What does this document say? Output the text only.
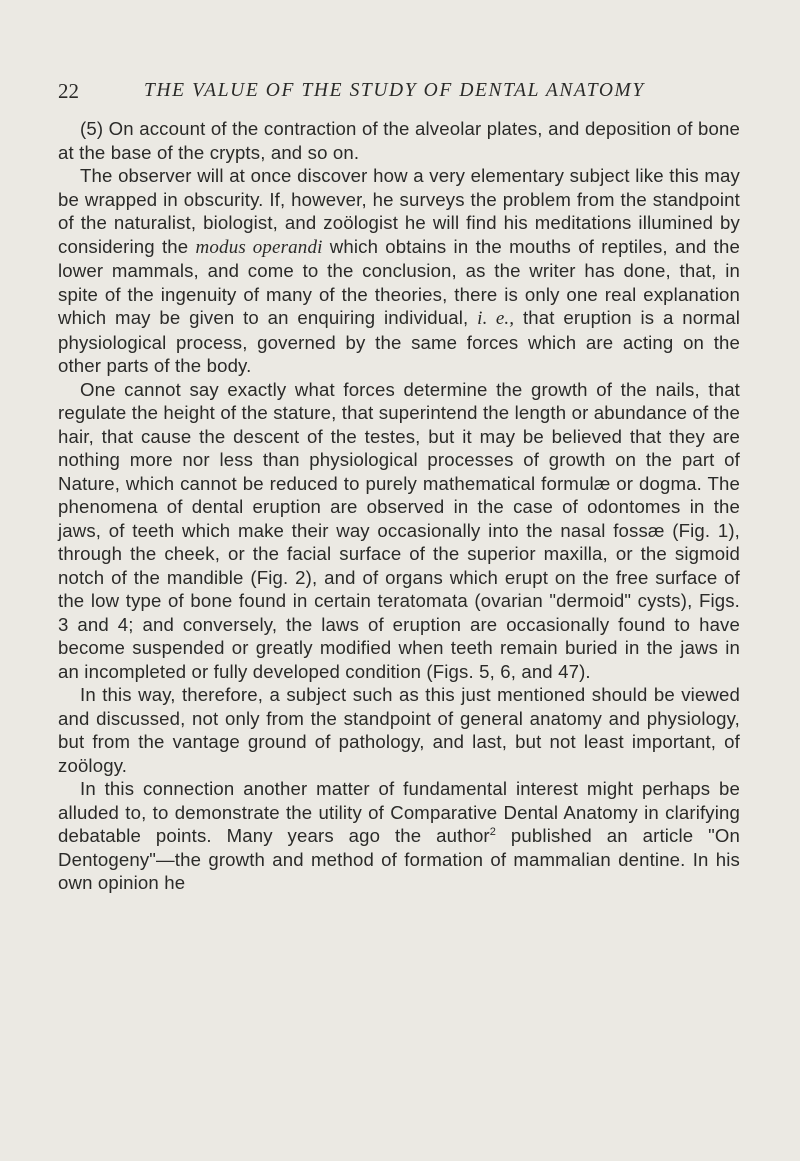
22	THE VALUE OF THE STUDY OF DENTAL ANATOMY

(5) On account of the contraction of the alveolar plates, and deposition of bone at the base of the crypts, and so on.

The observer will at once discover how a very elementary subject like this may be wrapped in obscurity. If, however, he surveys the problem from the standpoint of the naturalist, biologist, and zoölogist he will find his meditations illumined by considering the modus operandi which obtains in the mouths of reptiles, and the lower mammals, and come to the conclusion, as the writer has done, that, in spite of the ingenuity of many of the theories, there is only one real explanation which may be given to an enquiring individual, i. e., that eruption is a normal physiological process, governed by the same forces which are acting on the other parts of the body.

One cannot say exactly what forces determine the growth of the nails, that regulate the height of the stature, that superintend the length or abundance of the hair, that cause the descent of the testes, but it may be believed that they are nothing more nor less than physiological processes of growth on the part of Nature, which cannot be reduced to purely mathematical formulæ or dogma. The phenomena of dental eruption are observed in the case of odontomes in the jaws, of teeth which make their way occasionally into the nasal fossæ (Fig. 1), through the cheek, or the facial surface of the superior maxilla, or the sigmoid notch of the mandible (Fig. 2), and of organs which erupt on the free surface of the low type of bone found in certain teratomata (ovarian "dermoid" cysts), Figs. 3 and 4; and conversely, the laws of eruption are occasionally found to have become suspended or greatly modified when teeth remain buried in the jaws in an incompleted or fully developed condition (Figs. 5, 6, and 47).

In this way, therefore, a subject such as this just mentioned should be viewed and discussed, not only from the standpoint of general anatomy and physiology, but from the vantage ground of pathology, and last, but not least important, of zoölogy.

In this connection another matter of fundamental interest might perhaps be alluded to, to demonstrate the utility of Comparative Dental Anatomy in clarifying debatable points. Many years ago the author$^2$ published an article "On Dentogeny"—the growth and method of formation of mammalian dentine. In his own opinion he
